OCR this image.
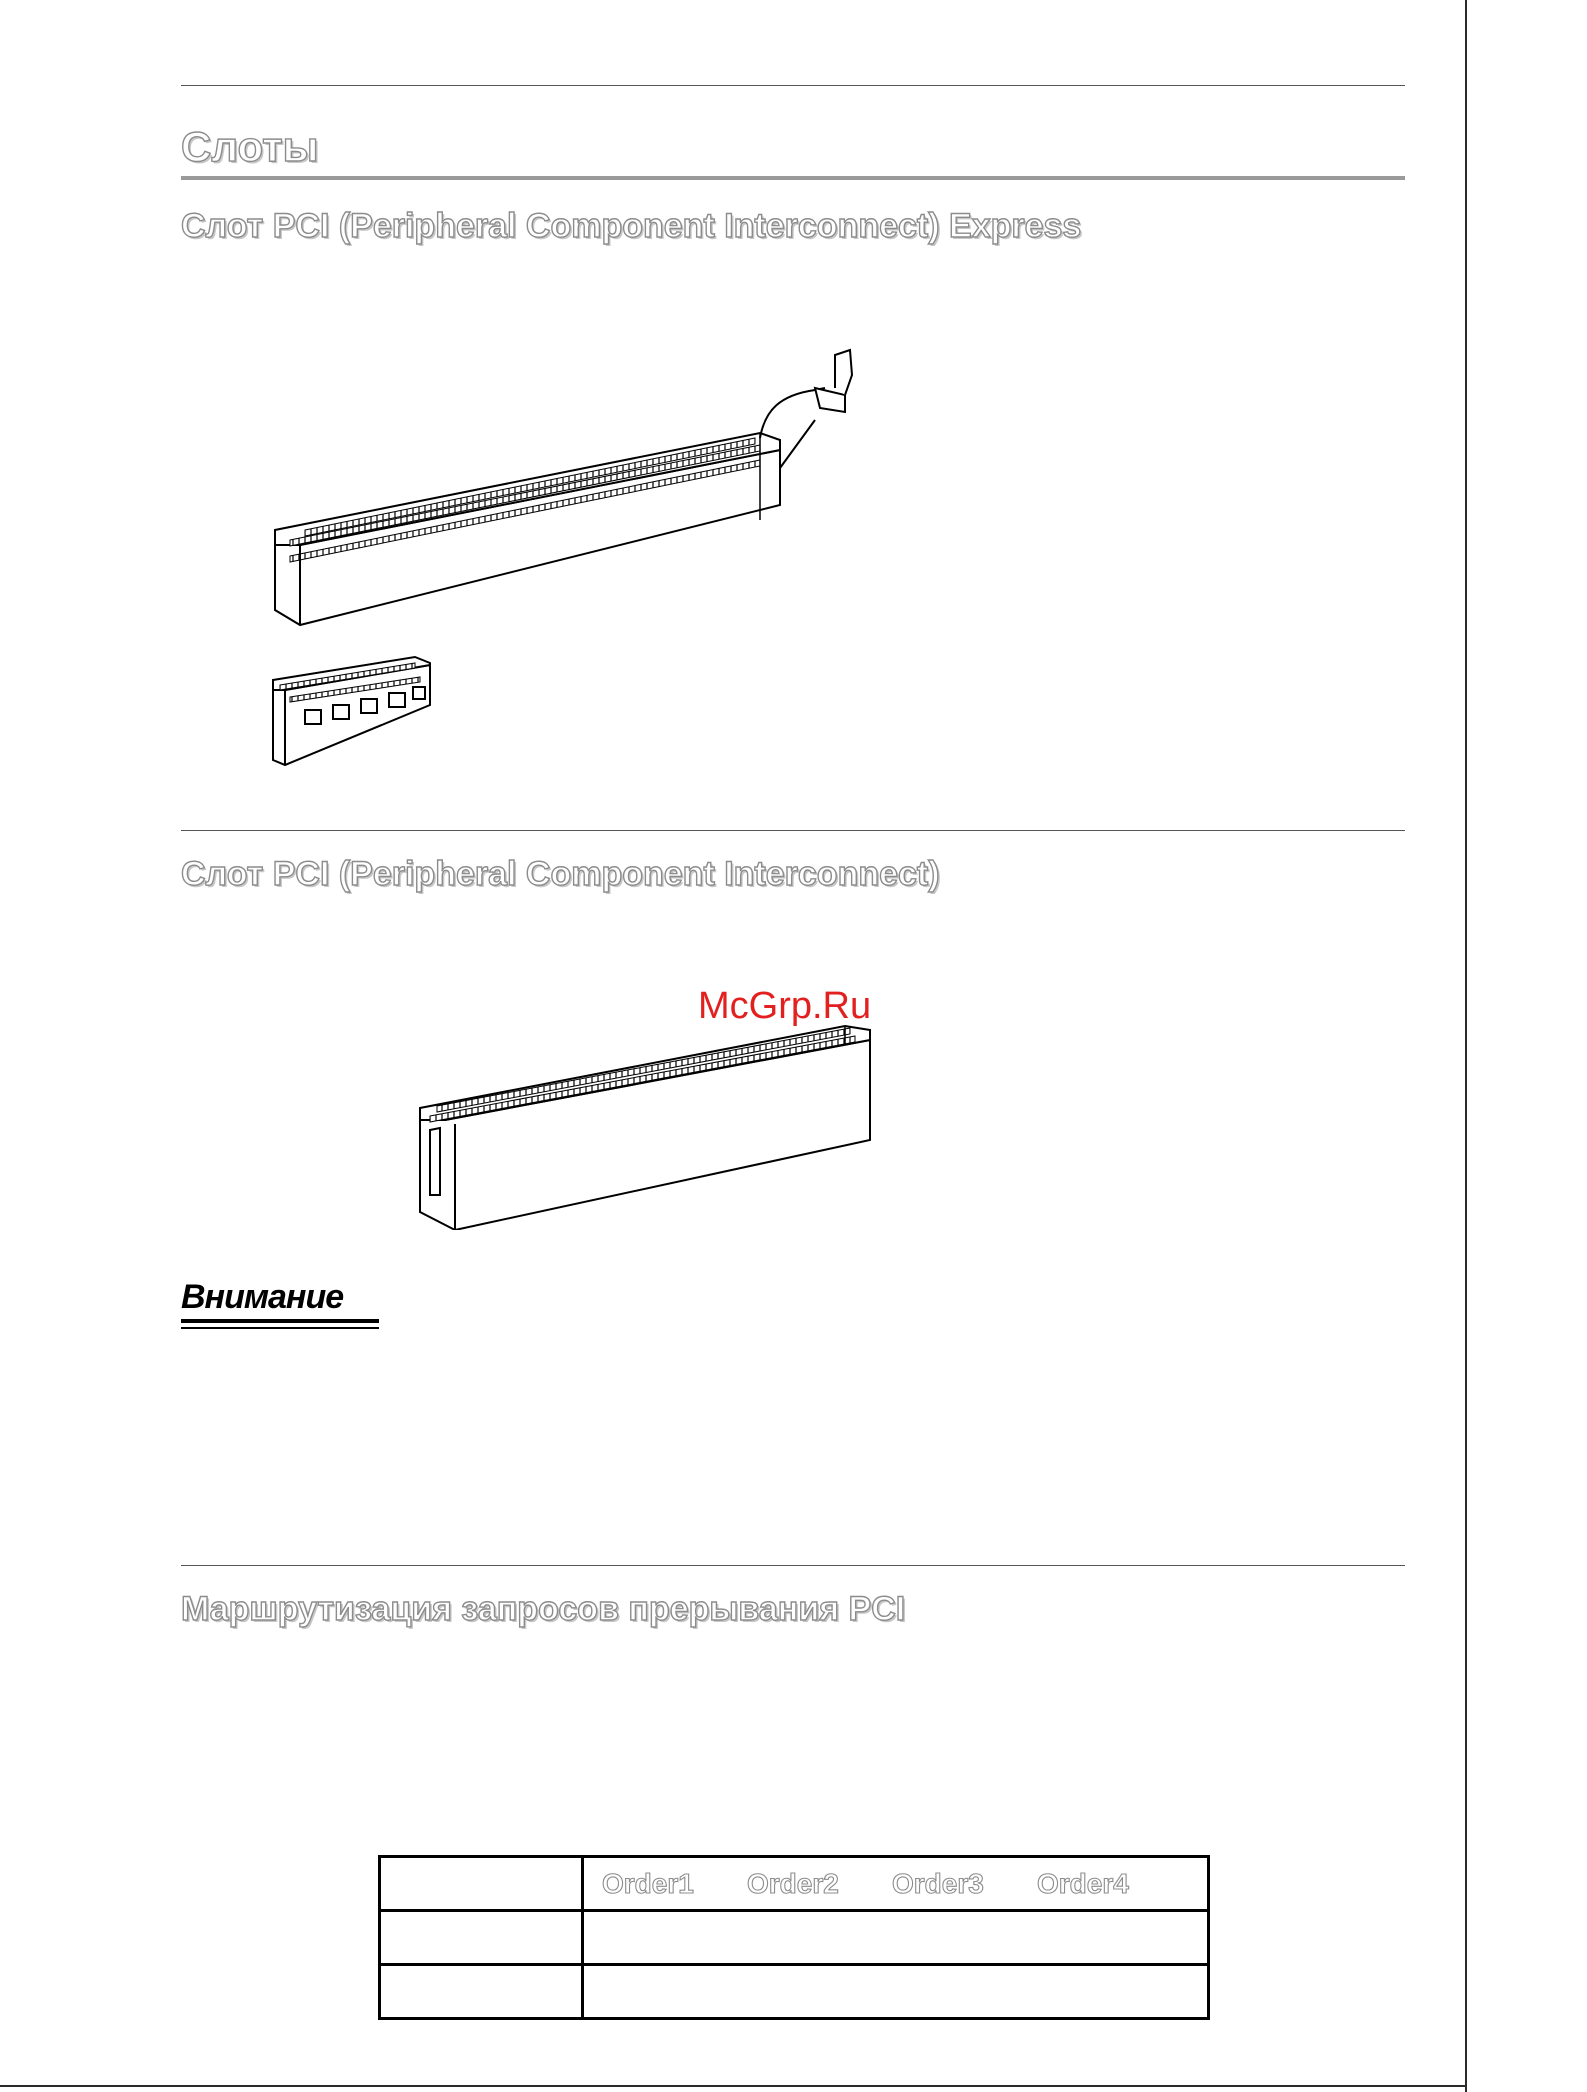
Слоты
Слот PCI (Peripheral Component Interconnect) Express
Слот PCI (Peripheral Component Interconnect)

McGrp.Ru

Внимание

Маршрутизация запросов прерывания PCI

	Order1 Order2 Order3 Order4
